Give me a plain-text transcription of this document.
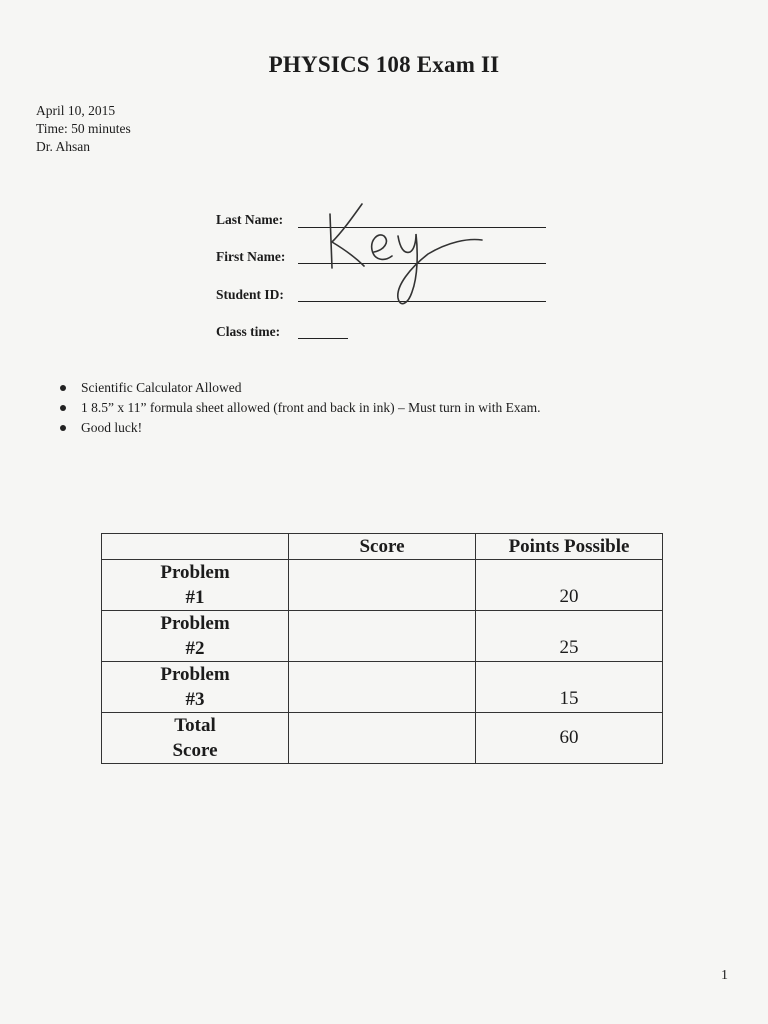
PHYSICS 108 Exam II
April 10, 2015
Time: 50 minutes
Dr. Ahsan
Last Name:
First Name:
Student ID:
Class time:
Scientific Calculator Allowed
1 8.5” x 11” formula sheet allowed (front and back in ink) – Must turn in with Exam.
Good luck!
	Score	Points Possible

Problem
#1		20

Problem
#2		25

Problem
#3		15

Total
Score		60
1
